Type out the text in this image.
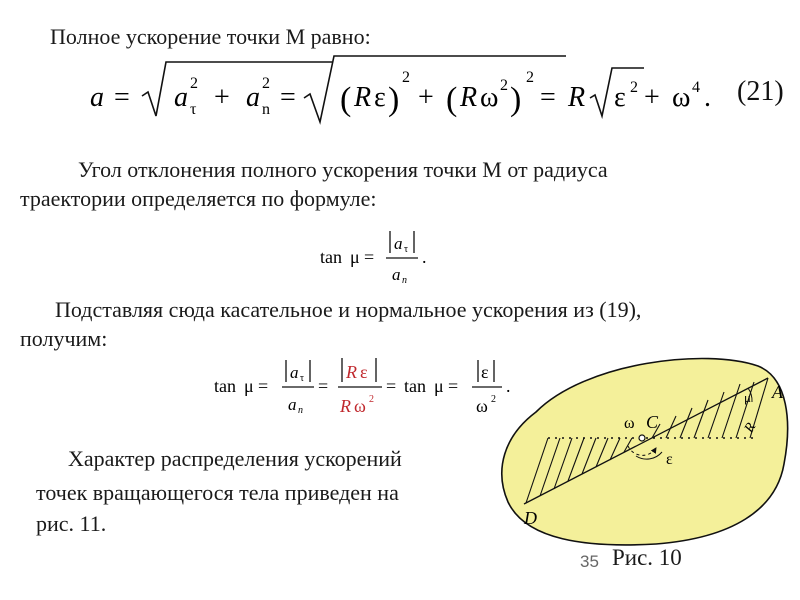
Полное ускорение точки М равно:

a = a τ
2 + a n
2 = ( R ε )
2
+ ( R ω 2 )
2
= R ε 2 + ω 4 . (21)

Угол отклонения полного ускорения точки М от радиуса

траектории определяется по формуле:

tan μ =
a τ
a n
.

Подставляя сюда касательное и нормальное ускорения из (19),

получим:

tan μ =
a τ
a n
=
R ε
R ω 2
= tan μ =
ε
ω 2
.

Характер распределения ускорений

точек вращающегося тела приведен на

рис. 11.

A
C
D
ω
ε
μ
R
Рис. 10
35
